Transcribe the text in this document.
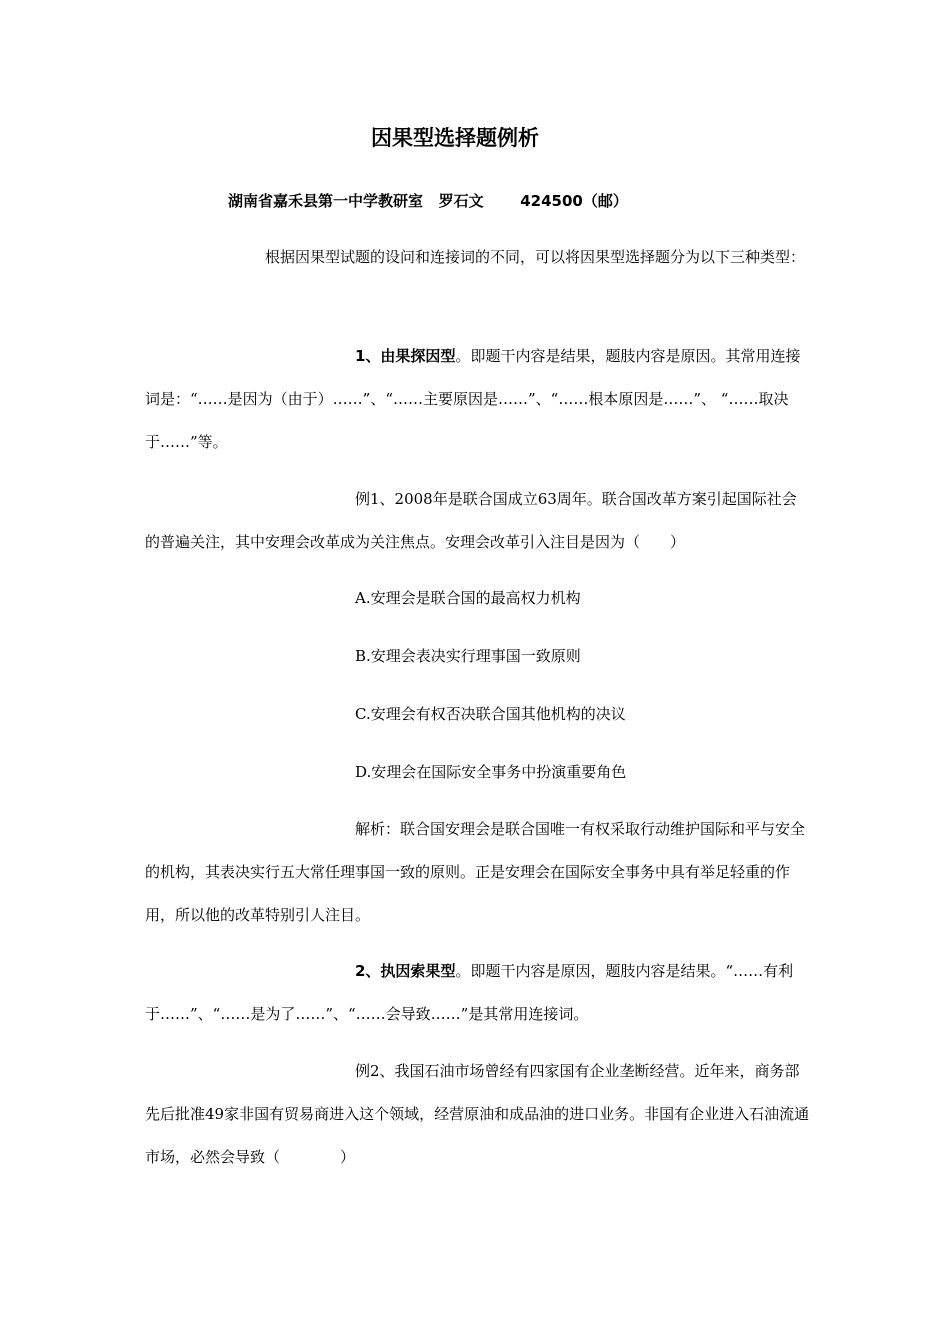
因果型选择题例析
湖南省嘉禾县第一中学教研室   罗石文       424500（邮）

根据因果型试题的设问和连接词的不同，可以将因果型选择题分为以下三种类型：

1、由果探因型。即题干内容是结果，题肢内容是原因。其常用连接词是：“……是因为（由于）……”、“……主要原因是……”、“……根本原因是……”、 “……取决于……”等。

例1、2008年是联合国成立63周年。联合国改革方案引起国际社会的普遍关注，其中安理会改革成为关注焦点。安理会改革引入注目是因为（　　）

A.安理会是联合国的最高权力机构

B.安理会表决实行理事国一致原则

C.安理会有权否决联合国其他机构的决议

D.安理会在国际安全事务中扮演重要角色

解析：联合国安理会是联合国唯一有权采取行动维护国际和平与安全的机构，其表决实行五大常任理事国一致的原则。正是安理会在国际安全事务中具有举足轻重的作用，所以他的改革特别引人注目。

2、执因索果型。即题干内容是原因，题肢内容是结果。“……有利于……”、“……是为了……”、“……会导致……”是其常用连接词。

例2、我国石油市场曾经有四家国有企业垄断经营。近年来，商务部先后批准49家非国有贸易商进入这个领域，经营原油和成品油的进口业务。非国有企业进入石油流通市场，必然会导致（　　　　）
